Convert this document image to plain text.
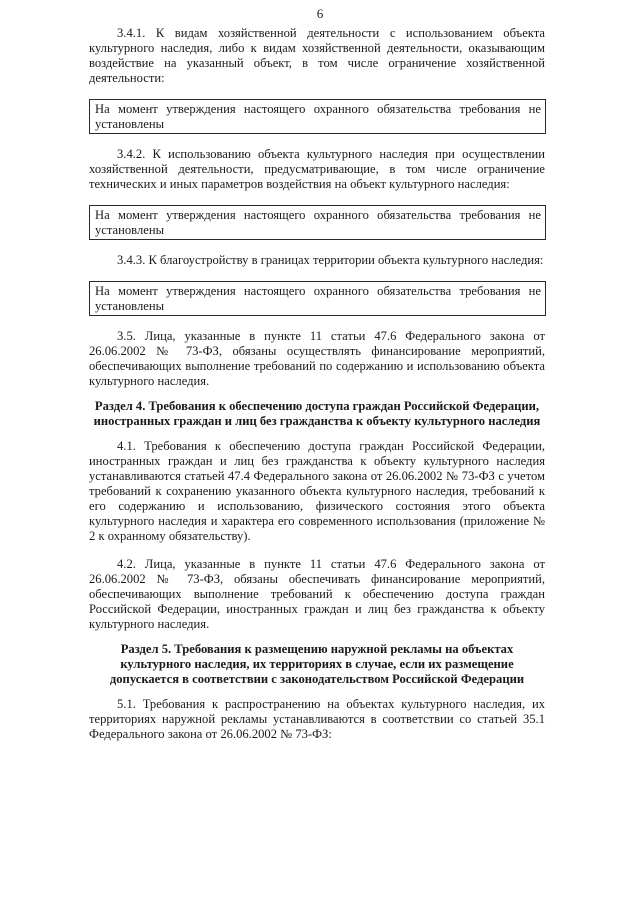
6

3.4.1. К видам хозяйственной деятельности с использованием объекта культурного наследия, либо к видам хозяйственной деятельности, оказывающим воздействие на указанный объект, в том числе ограничение хозяйственной деятельности:

На момент утверждения настоящего охранного обязательства требования не установлены

3.4.2. К использованию объекта культурного наследия при осуществлении хозяйственной деятельности, предусматривающие, в том числе ограничение технических и иных параметров воздействия на объект культурного наследия:

На момент утверждения настоящего охранного обязательства требования не установлены

3.4.3. К благоустройству в границах территории объекта культурного наследия:

На момент утверждения настоящего охранного обязательства требования не установлены

3.5. Лица, указанные в пункте 11 статьи 47.6 Федерального закона от 26.06.2002 № 73-ФЗ, обязаны осуществлять финансирование мероприятий, обеспечивающих выполнение требований по содержанию и использованию объекта культурного наследия.

Раздел 4. Требования к обеспечению доступа граждан Российской Федерации, иностранных граждан и лиц без гражданства к объекту культурного наследия

4.1. Требования к обеспечению доступа граждан Российской Федерации, иностранных граждан и лиц без гражданства к объекту культурного наследия устанавливаются статьей 47.4 Федерального закона от 26.06.2002 № 73-ФЗ с учетом требований к сохранению указанного объекта культурного наследия, требований к его содержанию и использованию, физического состояния этого объекта культурного наследия и характера его современного использования (приложение № 2 к охранному обязательству).

4.2. Лица, указанные в пункте 11 статьи 47.6 Федерального закона от 26.06.2002 № 73-ФЗ, обязаны обеспечивать финансирование мероприятий, обеспечивающих выполнение требований к обеспечению доступа граждан Российской Федерации, иностранных граждан и лиц без гражданства к объекту культурного наследия.

Раздел 5. Требования к размещению наружной рекламы на объектах культурного наследия, их территориях в случае, если их размещение допускается в соответствии с законодательством Российской Федерации

5.1. Требования к распространению на объектах культурного наследия, их территориях наружной рекламы устанавливаются в соответствии со статьей 35.1 Федерального закона от 26.06.2002 № 73-ФЗ:
